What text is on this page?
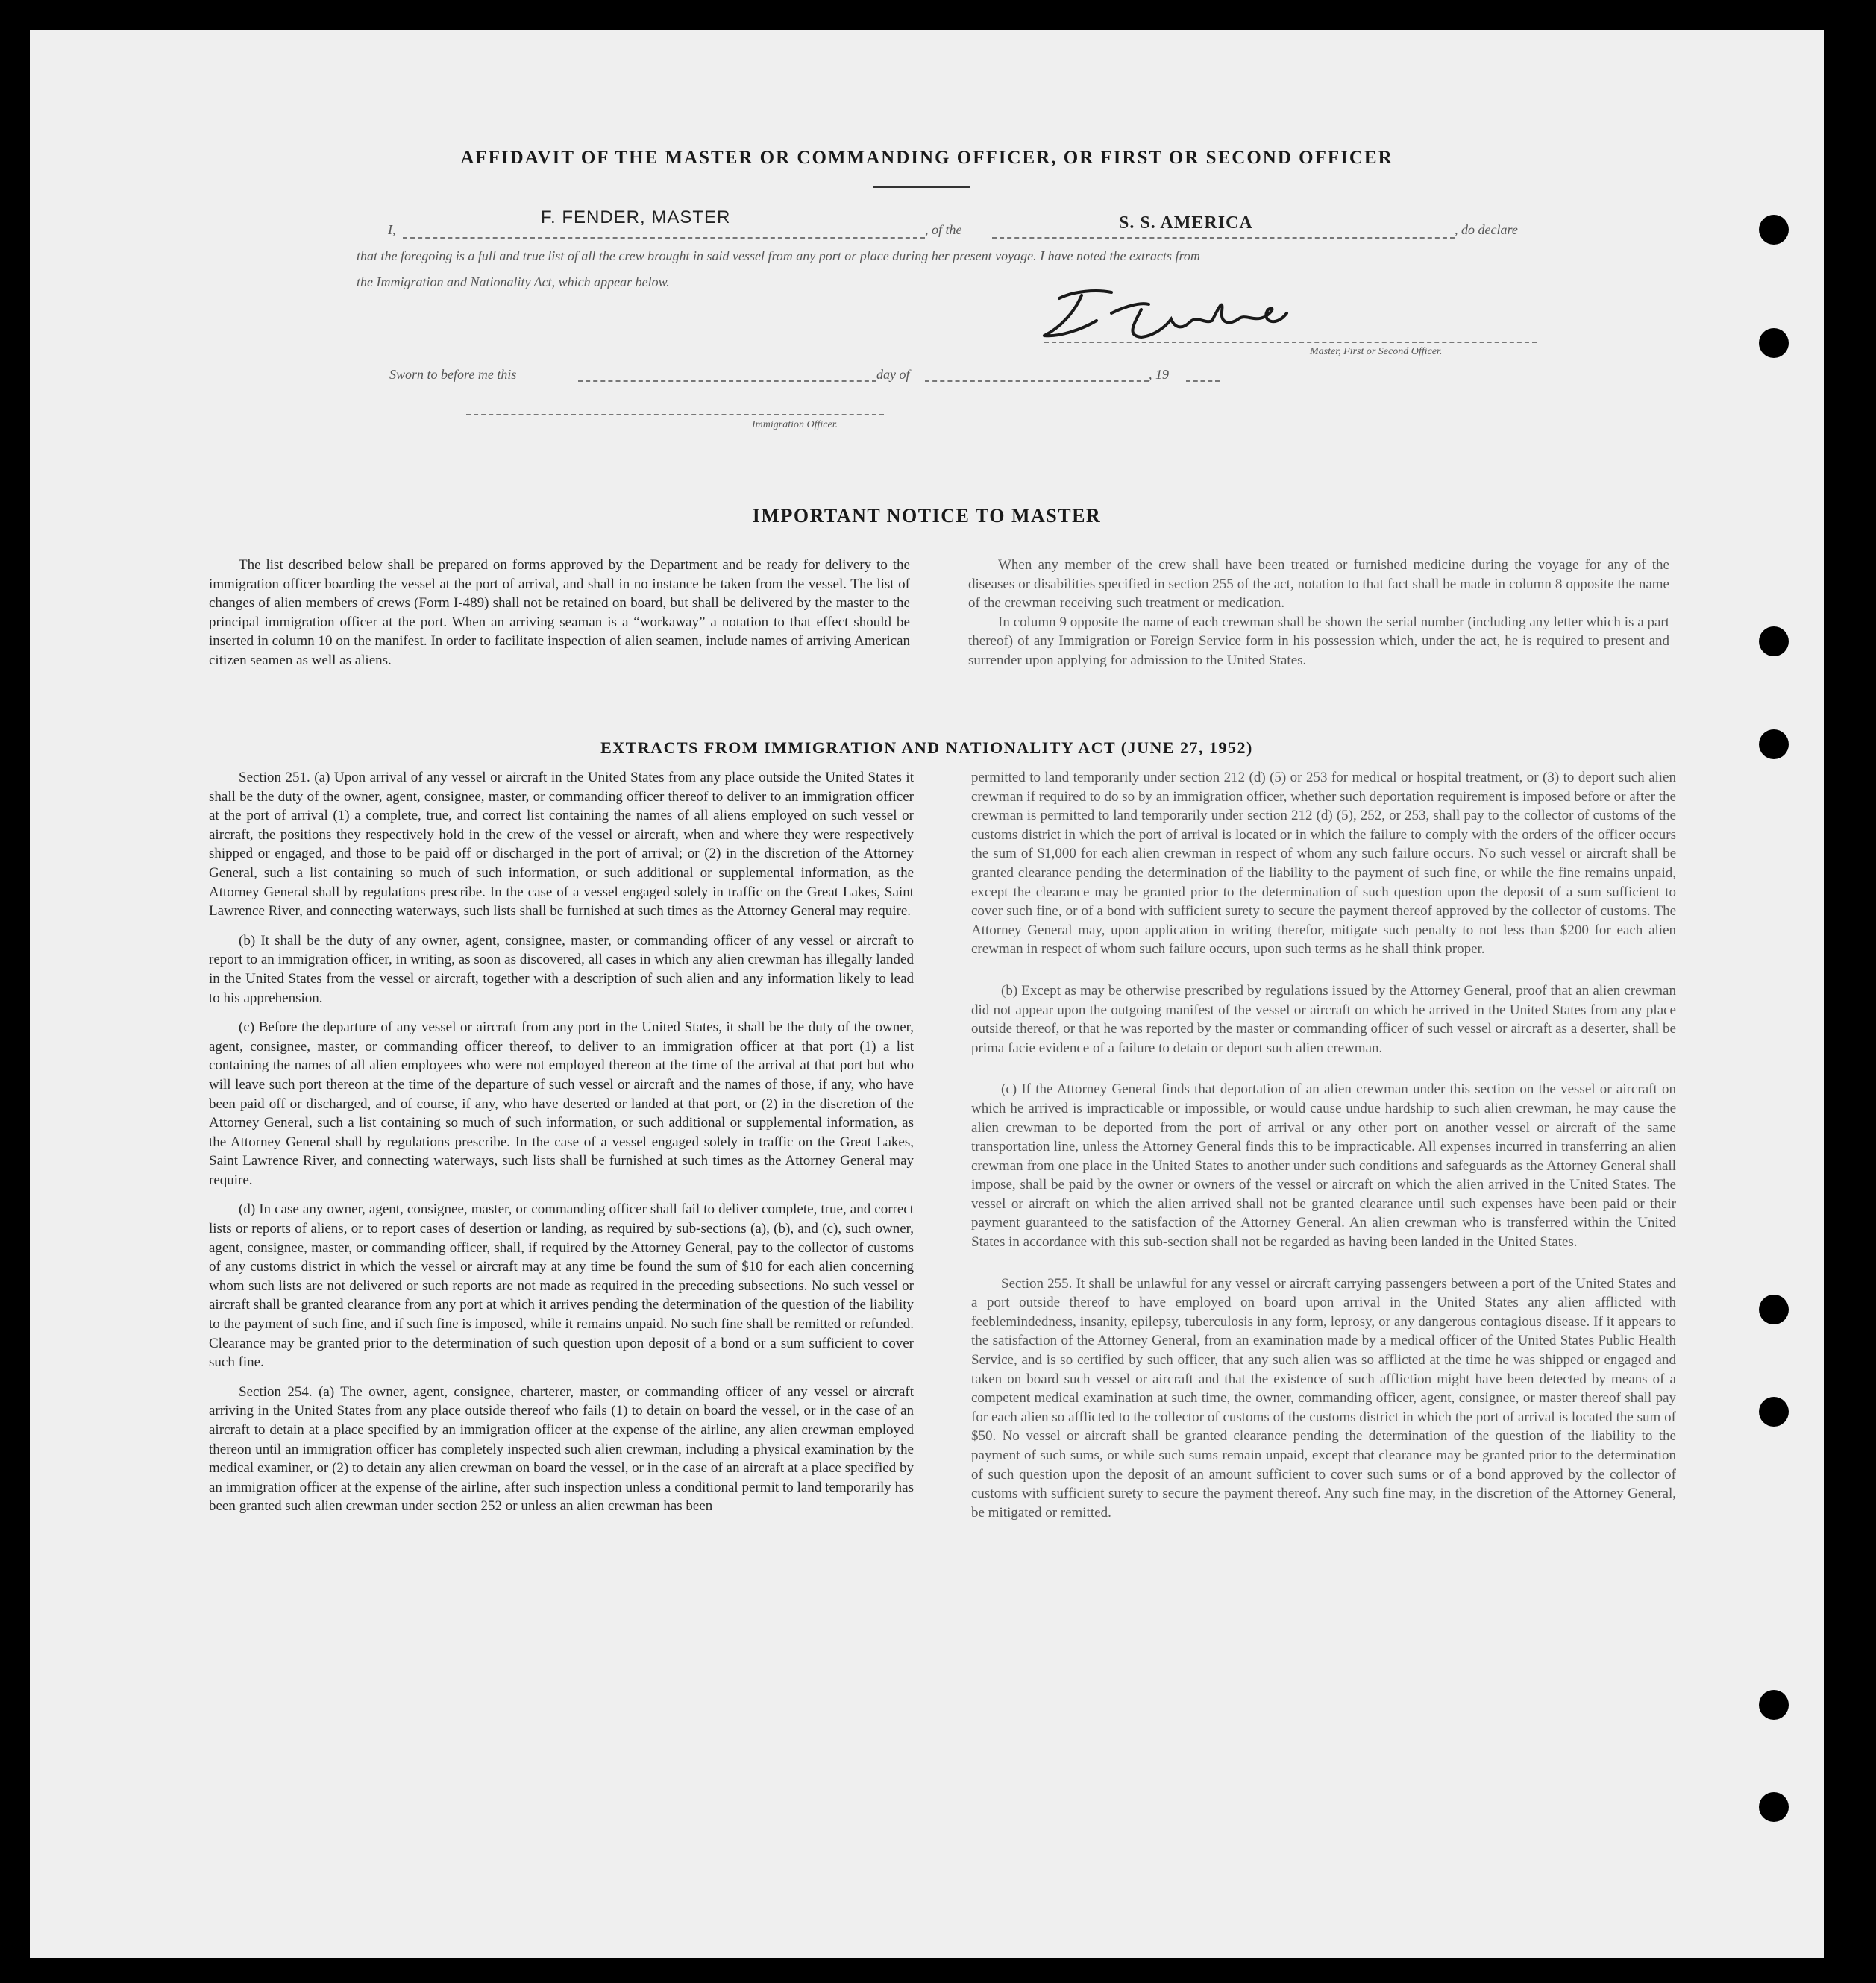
AFFIDAVIT OF THE MASTER OR COMMANDING OFFICER, OR FIRST OR SECOND OFFICER
I,
F. FENDER, MASTER
, of the	S. S. AMERICA	, do declare
that the foregoing is a full and true list of all the crew brought in said vessel from any port or place during her present voyage. I have noted the extracts from
the Immigration and Nationality Act, which appear below.
Master, First or Second Officer.
Sworn to before me this	day of	, 19
Immigration Officer.
IMPORTANT NOTICE TO MASTER

The list described below shall be prepared on forms approved by the Department and be ready for delivery to the immigration officer boarding the vessel at the port of arrival, and shall in no instance be taken from the vessel. The list of changes of alien members of crews (Form I-489) shall not be retained on board, but shall be delivered by the master to the principal immigration officer at the port. When an arriving seaman is a “workaway” a notation to that effect should be inserted in column 10 on the manifest. In order to facilitate inspection of alien seamen, include names of arriving American citizen seamen as well as aliens.

When any member of the crew shall have been treated or furnished medicine during the voyage for any of the diseases or disabilities specified in section 255 of the act, notation to that fact shall be made in column 8 opposite the name of the crewman receiving such treatment or medication.

In column 9 opposite the name of each crewman shall be shown the serial number (including any letter which is a part thereof) of any Immigration or Foreign Service form in his possession which, under the act, he is required to present and surrender upon applying for admission to the United States.

EXTRACTS FROM IMMIGRATION AND NATIONALITY ACT (JUNE 27, 1952)

Section 251. (a) Upon arrival of any vessel or aircraft in the United States from any place outside the United States it shall be the duty of the owner, agent, consignee, master, or commanding officer thereof to deliver to an immigration officer at the port of arrival (1) a complete, true, and correct list containing the names of all aliens employed on such vessel or aircraft, the positions they respectively hold in the crew of the vessel or aircraft, when and where they were respectively shipped or engaged, and those to be paid off or discharged in the port of arrival; or (2) in the discretion of the Attorney General, such a list containing so much of such information, or such additional or supplemental information, as the Attorney General shall by regulations prescribe. In the case of a vessel engaged solely in traffic on the Great Lakes, Saint Lawrence River, and connecting waterways, such lists shall be furnished at such times as the Attorney General may require.

(b) It shall be the duty of any owner, agent, consignee, master, or commanding officer of any vessel or aircraft to report to an immigration officer, in writing, as soon as discovered, all cases in which any alien crewman has illegally landed in the United States from the vessel or aircraft, together with a description of such alien and any information likely to lead to his apprehension.

(c) Before the departure of any vessel or aircraft from any port in the United States, it shall be the duty of the owner, agent, consignee, master, or commanding officer thereof, to deliver to an immigration officer at that port (1) a list containing the names of all alien employees who were not employed thereon at the time of the arrival at that port but who will leave such port thereon at the time of the departure of such vessel or aircraft and the names of those, if any, who have been paid off or discharged, and of course, if any, who have deserted or landed at that port, or (2) in the discretion of the Attorney General, such a list containing so much of such information, or such additional or supplemental information, as the Attorney General shall by regulations prescribe. In the case of a vessel engaged solely in traffic on the Great Lakes, Saint Lawrence River, and connecting waterways, such lists shall be furnished at such times as the Attorney General may require.

(d) In case any owner, agent, consignee, master, or commanding officer shall fail to deliver complete, true, and correct lists or reports of aliens, or to report cases of desertion or landing, as required by sub-sections (a), (b), and (c), such owner, agent, consignee, master, or commanding officer, shall, if required by the Attorney General, pay to the collector of customs of any customs district in which the vessel or aircraft may at any time be found the sum of $10 for each alien concerning whom such lists are not delivered or such reports are not made as required in the preceding subsections. No such vessel or aircraft shall be granted clearance from any port at which it arrives pending the determination of the question of the liability to the payment of such fine, and if such fine is imposed, while it remains unpaid. No such fine shall be remitted or refunded. Clearance may be granted prior to the determination of such question upon deposit of a bond or a sum sufficient to cover such fine.

Section 254. (a) The owner, agent, consignee, charterer, master, or commanding officer of any vessel or aircraft arriving in the United States from any place outside thereof who fails (1) to detain on board the vessel, or in the case of an aircraft to detain at a place specified by an immigration officer at the expense of the airline, any alien crewman employed thereon until an immigration officer has completely inspected such alien crewman, including a physical examination by the medical examiner, or (2) to detain any alien crewman on board the vessel, or in the case of an aircraft at a place specified by an immigration officer at the expense of the airline, after such inspection unless a conditional permit to land temporarily has been granted such alien crewman under section 252 or unless an alien crewman has been

permitted to land temporarily under section 212 (d) (5) or 253 for medical or hospital treatment, or (3) to deport such alien crewman if required to do so by an immigration officer, whether such deportation requirement is imposed before or after the crewman is permitted to land temporarily under section 212 (d) (5), 252, or 253, shall pay to the collector of customs of the customs district in which the port of arrival is located or in which the failure to comply with the orders of the officer occurs the sum of $1,000 for each alien crewman in respect of whom any such failure occurs. No such vessel or aircraft shall be granted clearance pending the determination of the liability to the payment of such fine, or while the fine remains unpaid, except the clearance may be granted prior to the determination of such question upon the deposit of a sum sufficient to cover such fine, or of a bond with sufficient surety to secure the payment thereof approved by the collector of customs. The Attorney General may, upon application in writing therefor, mitigate such penalty to not less than $200 for each alien crewman in respect of whom such failure occurs, upon such terms as he shall think proper.

(b) Except as may be otherwise prescribed by regulations issued by the Attorney General, proof that an alien crewman did not appear upon the outgoing manifest of the vessel or aircraft on which he arrived in the United States from any place outside thereof, or that he was reported by the master or commanding officer of such vessel or aircraft as a deserter, shall be prima facie evidence of a failure to detain or deport such alien crewman.

(c) If the Attorney General finds that deportation of an alien crewman under this section on the vessel or aircraft on which he arrived is impracticable or impossible, or would cause undue hardship to such alien crewman, he may cause the alien crewman to be deported from the port of arrival or any other port on another vessel or aircraft of the same transportation line, unless the Attorney General finds this to be impracticable. All expenses incurred in transferring an alien crewman from one place in the United States to another under such conditions and safeguards as the Attorney General shall impose, shall be paid by the owner or owners of the vessel or aircraft on which the alien arrived in the United States. The vessel or aircraft on which the alien arrived shall not be granted clearance until such expenses have been paid or their payment guaranteed to the satisfaction of the Attorney General. An alien crewman who is transferred within the United States in accordance with this sub-section shall not be regarded as having been landed in the United States.

Section 255. It shall be unlawful for any vessel or aircraft carrying passengers between a port of the United States and a port outside thereof to have employed on board upon arrival in the United States any alien afflicted with feeblemindedness, insanity, epilepsy, tuberculosis in any form, leprosy, or any dangerous contagious disease. If it appears to the satisfaction of the Attorney General, from an examination made by a medical officer of the United States Public Health Service, and is so certified by such officer, that any such alien was so afflicted at the time he was shipped or engaged and taken on board such vessel or aircraft and that the existence of such affliction might have been detected by means of a competent medical examination at such time, the owner, commanding officer, agent, consignee, or master thereof shall pay for each alien so afflicted to the collector of customs of the customs district in which the port of arrival is located the sum of $50. No vessel or aircraft shall be granted clearance pending the determination of the question of the liability to the payment of such sums, or while such sums remain unpaid, except that clearance may be granted prior to the determination of such question upon the deposit of an amount sufficient to cover such sums or of a bond approved by the collector of customs with sufficient surety to secure the payment thereof. Any such fine may, in the discretion of the Attorney General, be mitigated or remitted.
